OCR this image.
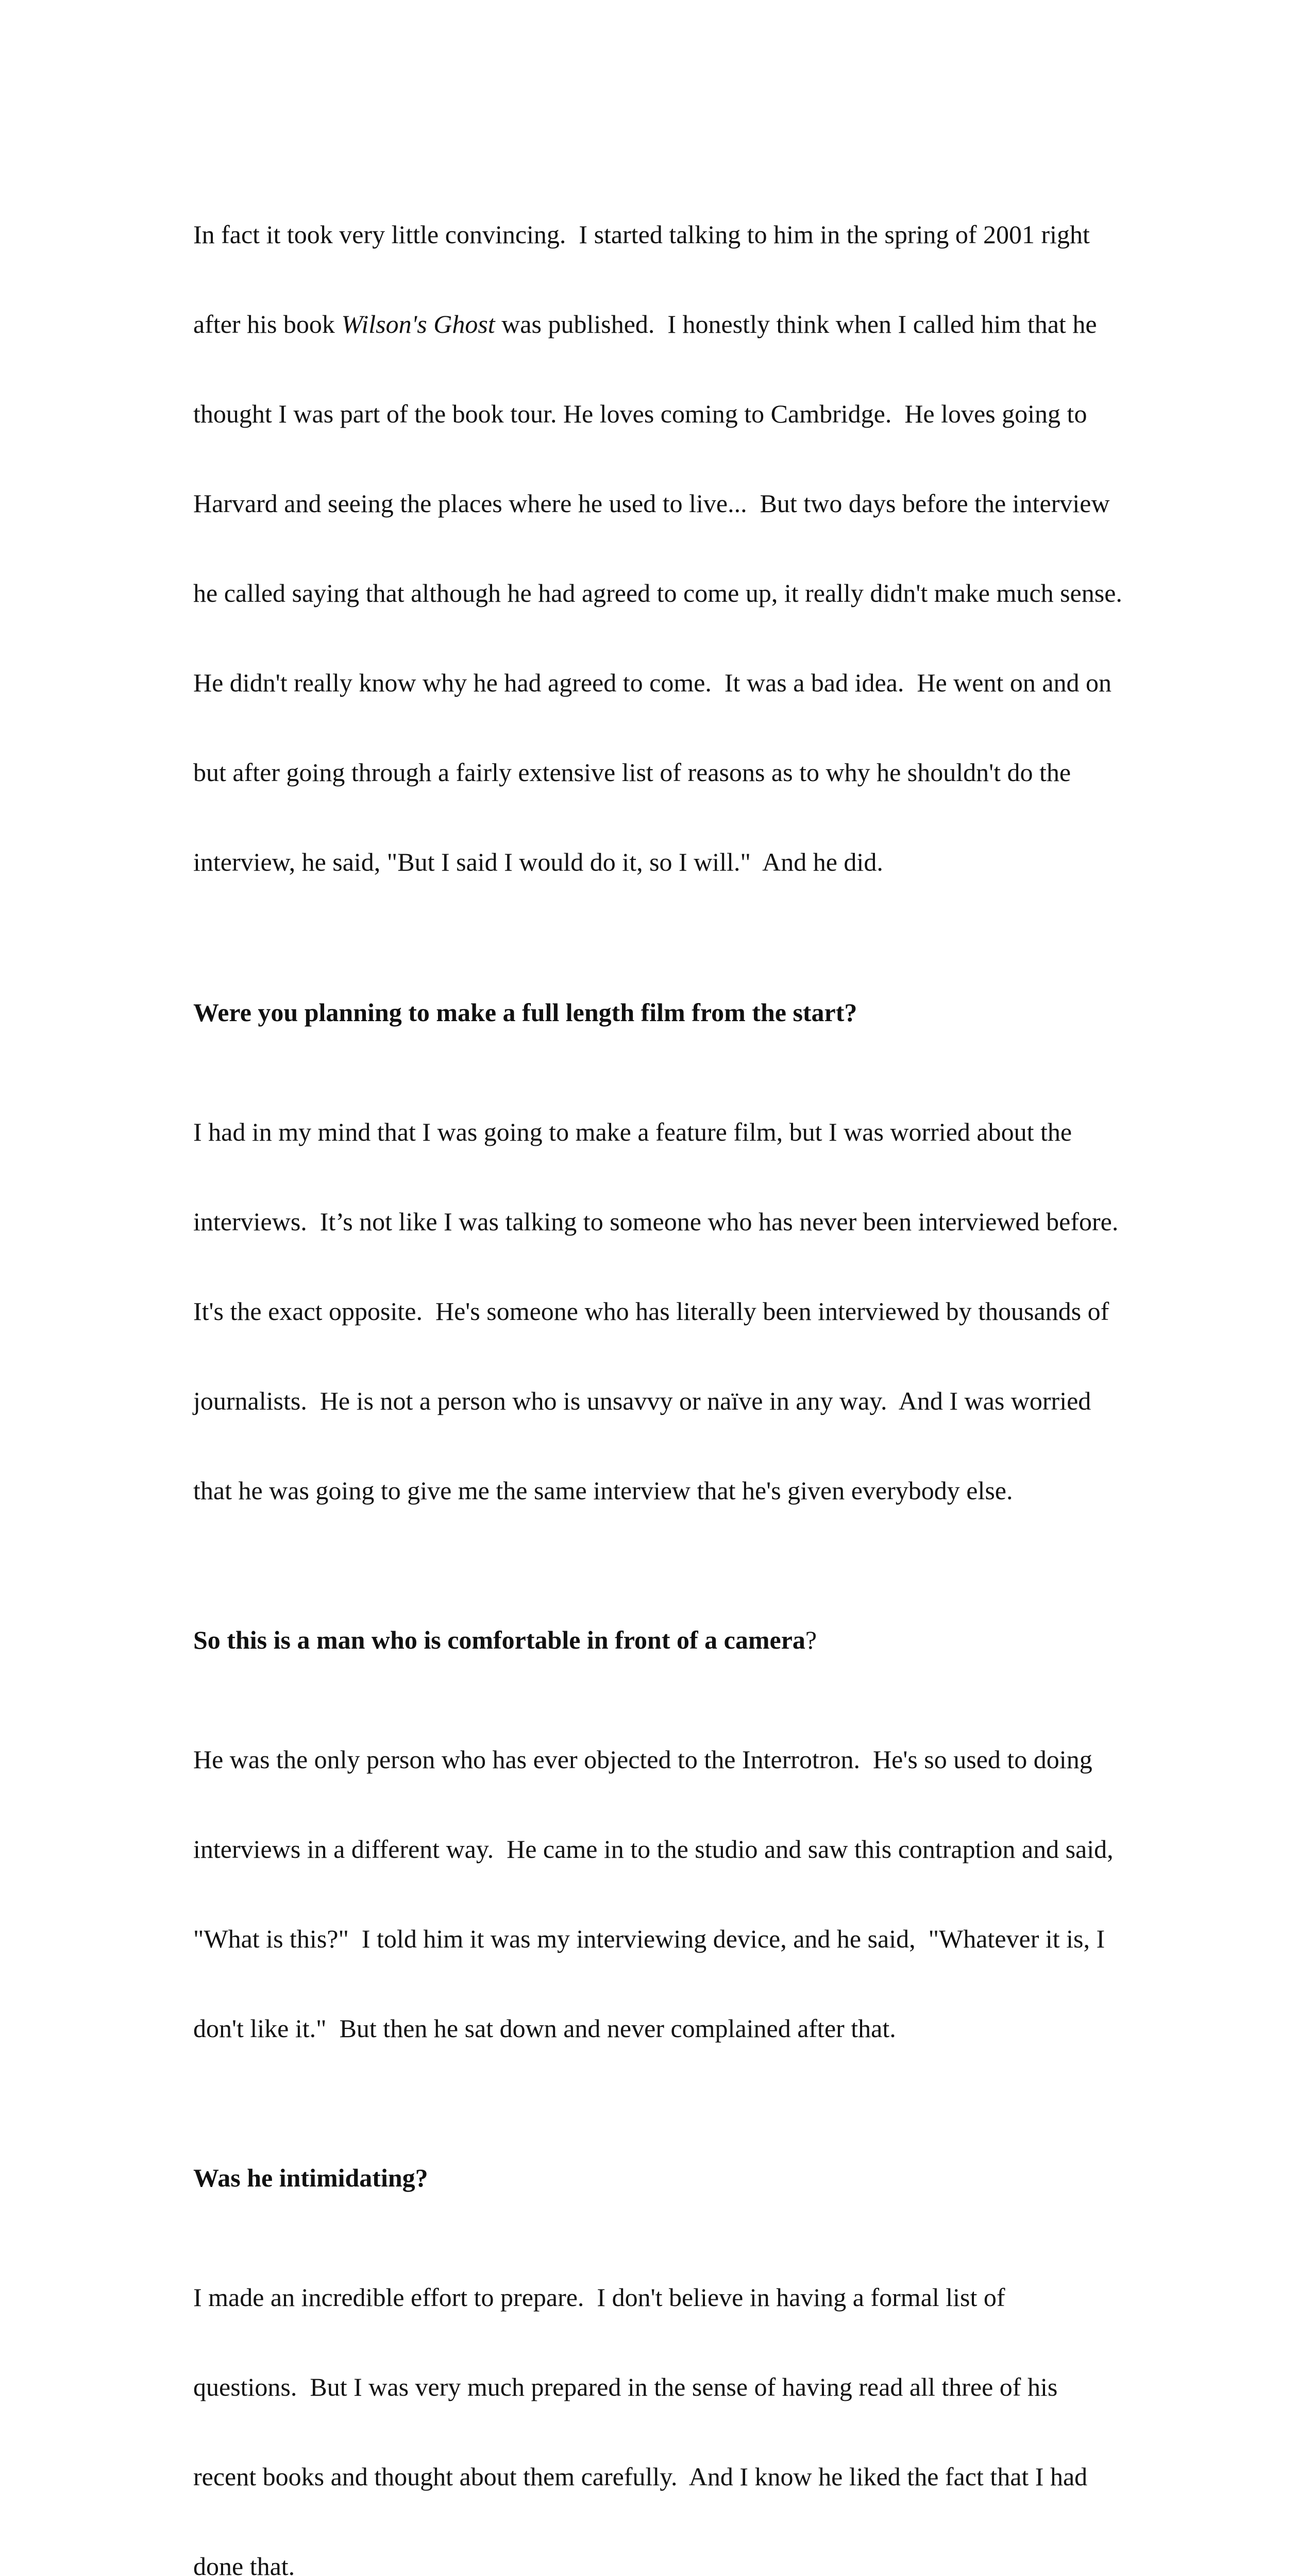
In fact it took very little convincing.  I started talking to him in the spring of 2001 right

after his book Wilson's Ghost was published.  I honestly think when I called him that he

thought I was part of the book tour. He loves coming to Cambridge.  He loves going to

Harvard and seeing the places where he used to live...  But two days before the interview

he called saying that although he had agreed to come up, it really didn't make much sense.

He didn't really know why he had agreed to come.  It was a bad idea.  He went on and on

but after going through a fairly extensive list of reasons as to why he shouldn't do the

interview, he said, "But I said I would do it, so I will."  And he did.

Were you planning to make a full length film from the start?

I had in my mind that I was going to make a feature film, but I was worried about the

interviews.  It’s not like I was talking to someone who has never been interviewed before.

It's the exact opposite.  He's someone who has literally been interviewed by thousands of

journalists.  He is not a person who is unsavvy or naïve in any way.  And I was worried

that he was going to give me the same interview that he's given everybody else.

So this is a man who is comfortable in front of a camera?

He was the only person who has ever objected to the Interrotron.  He's so used to doing

interviews in a different way.  He came in to the studio and saw this contraption and said,

"What is this?"  I told him it was my interviewing device, and he said,  "Whatever it is, I

don't like it."  But then he sat down and never complained after that.

Was he intimidating?

I made an incredible effort to prepare.  I don't believe in having a formal list of

questions.  But I was very much prepared in the sense of having read all three of his

recent books and thought about them carefully.  And I know he liked the fact that I had

done that.
